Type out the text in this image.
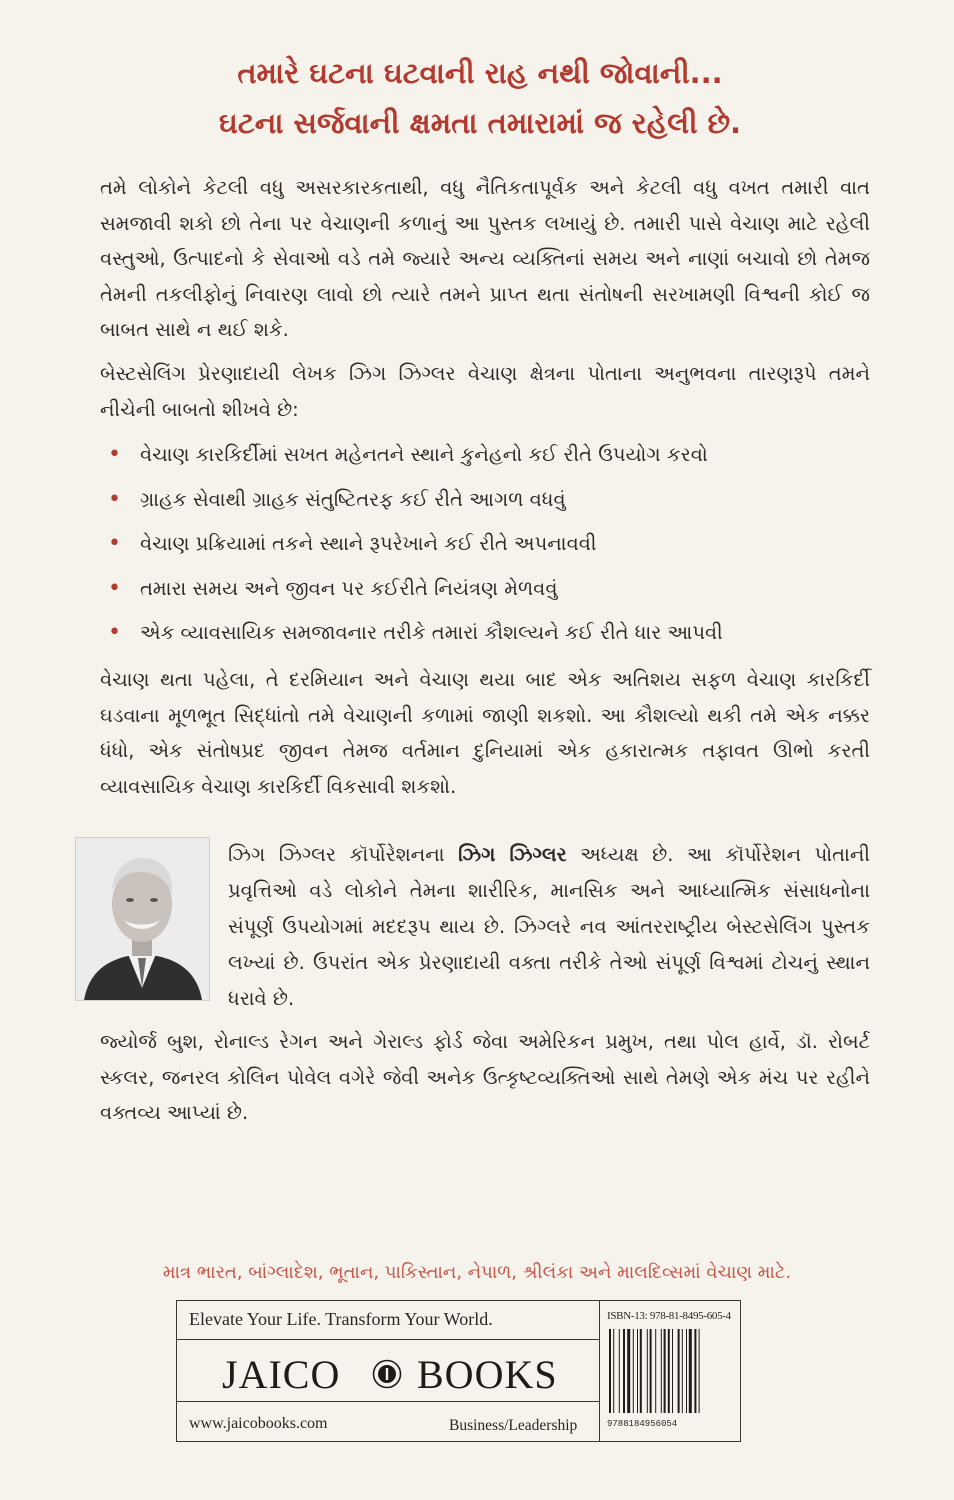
તમારે ઘટના ઘટવાની રાહ નથી જોવાની...
ઘટના સર્જવાની ક્ષમતા તમારામાં જ રહેલી છે.

તમે લોકોને કેટલી વધુ અસરકારકતાથી, વધુ નૈતિકતાપૂર્વક અને કેટલી વધુ વખત તમારી વાત સમજાવી શકો છો તેના પર વેચાણની કળાનું આ પુસ્તક લખાયું છે. તમારી પાસે વેચાણ માટે રહેલી વસ્તુઓ, ઉત્પાદનો કે સેવાઓ વડે તમે જ્યારે અન્ય વ્યક્તિનાં સમય અને નાણાં બચાવો છો તેમજ તેમની તકલીફોનું નિવારણ લાવો છો ત્યારે તમને પ્રાપ્ત થતા સંતોષની સરખામણી વિશ્વની કોઈ જ બાબત સાથે ન થઈ શકે.

બેસ્ટસેલિંગ પ્રેરણાદાયી લેખક ઝિગ ઝિગ્લર વેચાણ ક્ષેત્રના પોતાના અનુભવના તારણરૂપે તમને નીચેની બાબતો શીખવે છે:

• વેચાણ કારકિર્દીમાં સખત મહેનતને સ્થાને કુનેહનો કઈ રીતે ઉપયોગ કરવો
• ગ્રાહક સેવાથી ગ્રાહક સંતુષ્ટિતરફ કઈ રીતે આગળ વધવું
• વેચાણ પ્રક્રિયામાં તકને સ્થાને રૂપરેખાને કઈ રીતે અપનાવવી
• તમારા સમય અને જીવન પર કઈરીતે નિયંત્રણ મેળવવું
• એક વ્યાવસાયિક સમજાવનાર તરીકે તમારાં કૌશલ્યને કઈ રીતે ધાર આપવી

વેચાણ થતા પહેલા, તે દરમિયાન અને વેચાણ થયા બાદ એક અતિશય સફળ વેચાણ કારકિર્દી ઘડવાના મૂળભૂત સિદ્ધાંતો તમે વેચાણની કળામાં જાણી શકશો. આ કૌશલ્યો થકી તમે એક નક્કર ધંધો, એક સંતોષપ્રદ જીવન તેમજ વર્તમાન દુનિયામાં એક હકારાત્મક તફાવત ઊભો કરતી વ્યાવસાયિક વેચાણ કારકિર્દી વિકસાવી શકશો.

ઝિગ ઝિગ્લર કૉર્પોરેશનના ઝિગ ઝિગ્લર અધ્યક્ષ છે. આ કૉર્પોરેશન પોતાની પ્રવૃત્તિઓ વડે લોકોને તેમના શારીરિક, માનસિક અને આધ્યાત્મિક સંસાધનોના સંપૂર્ણ ઉપયોગમાં મદદરૂપ થાય છે. ઝિગ્લરે નવ આંતરરાષ્ટ્રીય બેસ્ટસેલિંગ પુસ્તક લખ્યાં છે. ઉપરાંત એક પ્રેરણાદાયી વક્તા તરીકે તેઓ સંપૂર્ણ વિશ્વમાં ટોચનું સ્થાન ધરાવે છે.

જ્યોર્જ બુશ, રોનાલ્ડ રેગન અને ગેરાલ્ડ ફોર્ડ જેવા અમેરિકન પ્રમુખ, તથા પોલ હાર્વે, ડૉ. રોબર્ટ સ્કલર, જનરલ કોલિન પોવેલ વગેરે જેવી અનેક ઉત્કૃષ્ટવ્યક્તિઓ સાથે તેમણે એક મંચ પર રહીને વક્તવ્ય આપ્યાં છે.

માત્ર ભારત, બાંગ્લાદેશ, ભૂતાન, પાકિસ્તાન, નેપાળ, શ્રીલંકા અને માલદિવ્સમાં વેચાણ માટે.
Elevate Your Life. Transform Your World.
JAICO BOOKS
www.jaicobooks.com	Business/Leadership
ISBN-13: 978-81-8495-605-4
9788184956054
